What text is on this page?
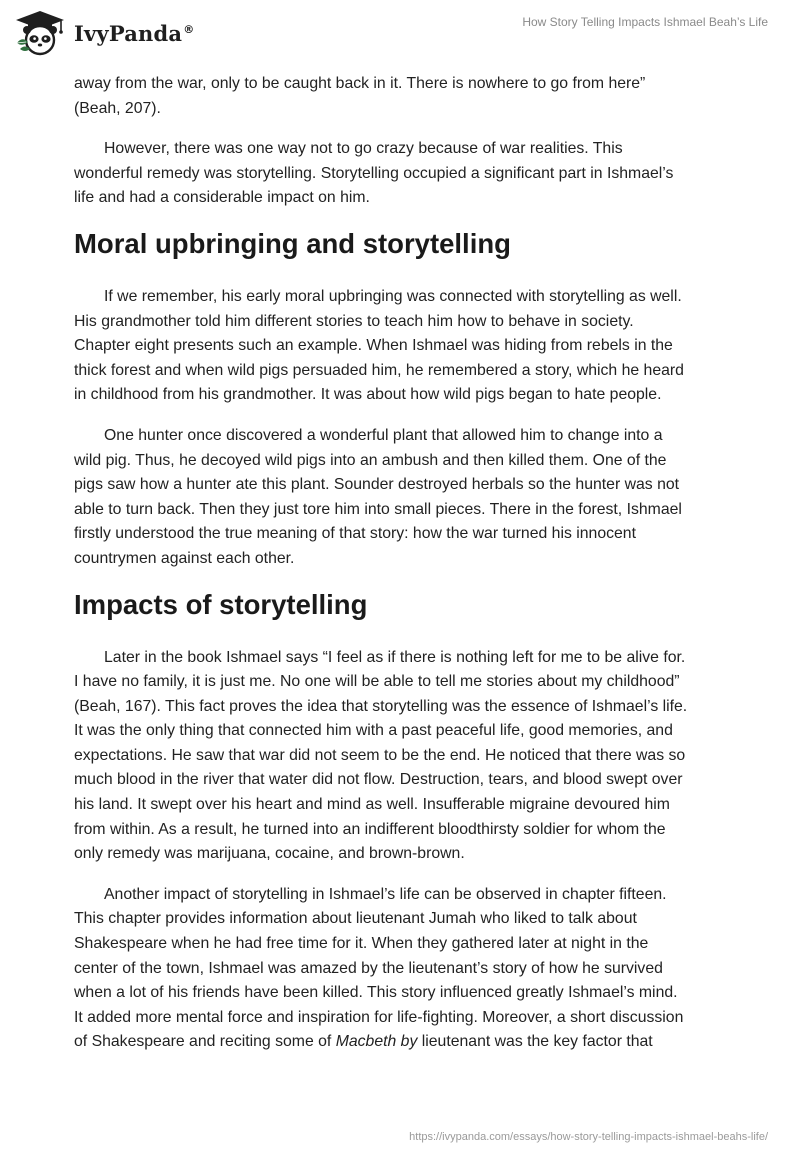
IvyPanda®	How Story Telling Impacts Ishmael Beah’s Life

away from the war, only to be caught back in it. There is nowhere to go from here”
(Beah, 207).

However, there was one way not to go crazy because of war realities. This
wonderful remedy was storytelling. Storytelling occupied a significant part in Ishmael’s
life and had a considerable impact on him.

Moral upbringing and storytelling

If we remember, his early moral upbringing was connected with storytelling as well.
His grandmother told him different stories to teach him how to behave in society.
Chapter eight presents such an example. When Ishmael was hiding from rebels in the
thick forest and when wild pigs persuaded him, he remembered a story, which he heard
in childhood from his grandmother. It was about how wild pigs began to hate people.

One hunter once discovered a wonderful plant that allowed him to change into a
wild pig. Thus, he decoyed wild pigs into an ambush and then killed them. One of the
pigs saw how a hunter ate this plant. Sounder destroyed herbals so the hunter was not
able to turn back. Then they just tore him into small pieces. There in the forest, Ishmael
firstly understood the true meaning of that story: how the war turned his innocent
countrymen against each other.

Impacts of storytelling

Later in the book Ishmael says “I feel as if there is nothing left for me to be alive for.
I have no family, it is just me. No one will be able to tell me stories about my childhood”
(Beah, 167). This fact proves the idea that storytelling was the essence of Ishmael’s life.
It was the only thing that connected him with a past peaceful life, good memories, and
expectations. He saw that war did not seem to be the end. He noticed that there was so
much blood in the river that water did not flow. Destruction, tears, and blood swept over
his land. It swept over his heart and mind as well. Insufferable migraine devoured him
from within. As a result, he turned into an indifferent bloodthirsty soldier for whom the
only remedy was marijuana, cocaine, and brown-brown.

Another impact of storytelling in Ishmael’s life can be observed in chapter fifteen.
This chapter provides information about lieutenant Jumah who liked to talk about
Shakespeare when he had free time for it. When they gathered later at night in the
center of the town, Ishmael was amazed by the lieutenant’s story of how he survived
when a lot of his friends have been killed. This story influenced greatly Ishmael’s mind.
It added more mental force and inspiration for life-fighting. Moreover, a short discussion
of Shakespeare and reciting some of Macbeth by lieutenant was the key factor that

https://ivypanda.com/essays/how-story-telling-impacts-ishmael-beahs-life/
